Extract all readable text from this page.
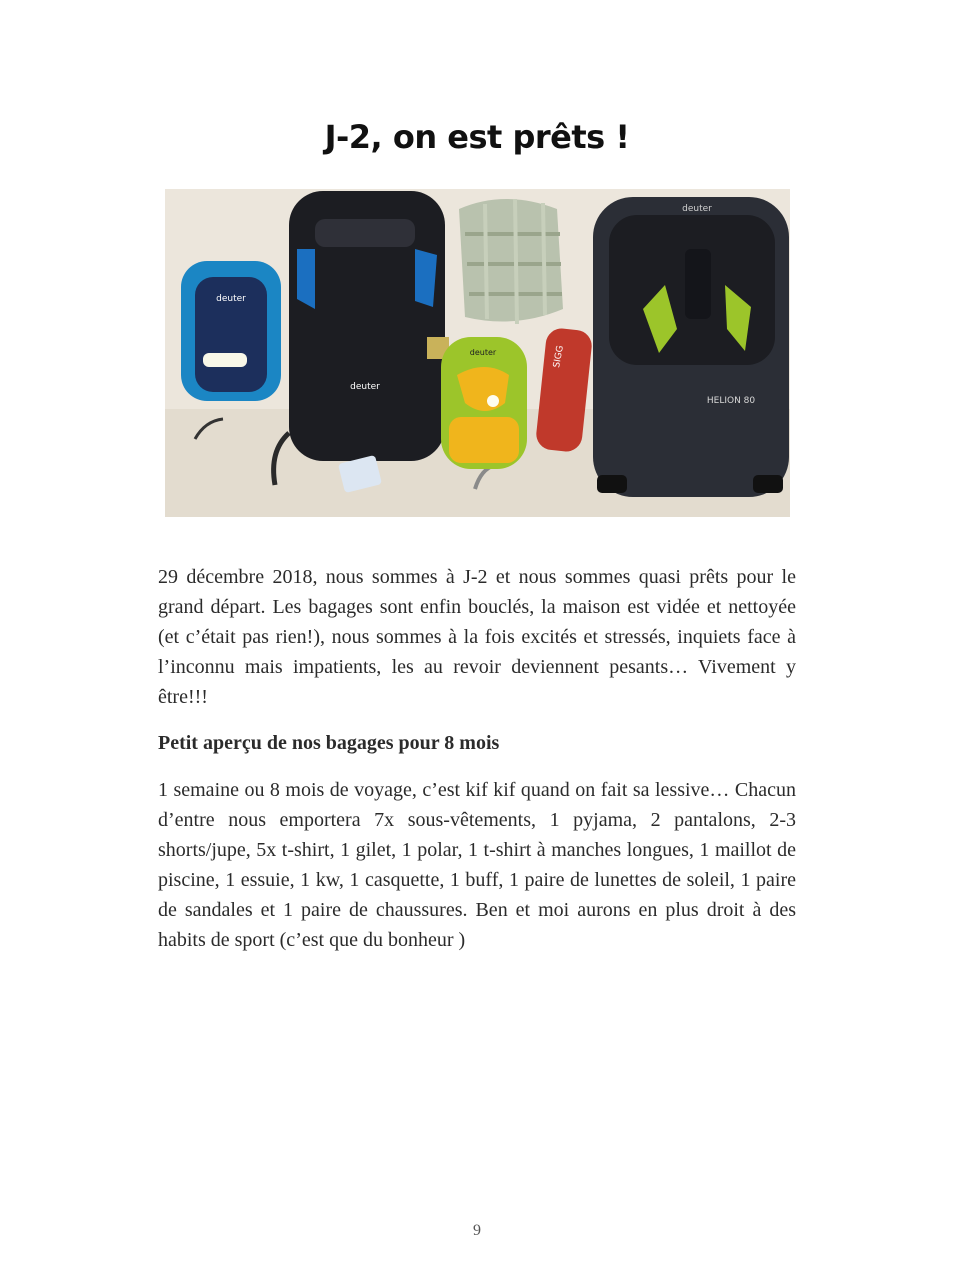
J-2, on est prêts !
deuter
deuter
deuter	SIGG
deuter
HELION 80

29 décembre 2018, nous sommes à J-2 et nous sommes quasi prêts pour le grand départ. Les bagages sont enfin bouclés, la maison est vidée et nettoyée (et c’était pas rien!), nous sommes à la fois excités et stressés, inquiets face à l’inconnu mais impatients, les au revoir deviennent pesants… Vivement y être!!!

Petit aperçu de nos bagages pour 8 mois

1 semaine ou 8 mois de voyage, c’est kif kif quand on fait sa lessive… Chacun d’entre nous emportera 7x sous-vêtements, 1 pyjama, 2 pantalons, 2-3 shorts/jupe, 5x t-shirt, 1 gilet, 1 polar, 1 t-shirt à manches longues, 1 maillot de piscine, 1 essuie, 1 kw, 1 casquette, 1 buff, 1 paire de lunettes de soleil, 1 paire de sandales et 1 paire de chaussures. Ben et moi aurons en plus droit à des habits de sport (c’est que du bonheur )

9
